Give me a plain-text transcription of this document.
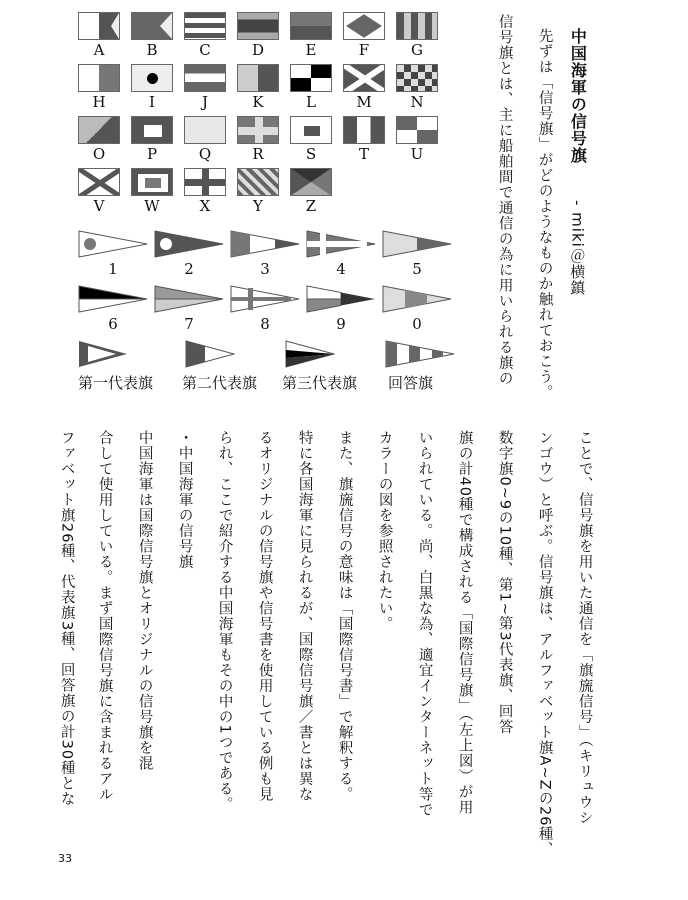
A	B	C	D	E	F	G
H	I	J	K	L	M	N
O	P	Q	R	S	T	U
V	W	X	Y	Z
1	2	3	4	5
6	7	8	9	0
第一代表旗 第二代表旗 第三代表旗 回答旗
中国海軍の信号旗
- miki＠横鎮
先ずは「信号旗」がどのようなものか触れておこう。
信号旗とは、主に船舶間で通信の為に用いられる旗の
ことで、信号旗を用いた通信を「旗旒信号」（キリュウシ
ンゴウ）と呼ぶ。信号旗は、アルファベット旗A~Zの26種、
数字旗0~9の10種、第1~第3代表旗、回答
旗の計40種で構成される「国際信号旗」（左上図）が用
いられている。尚、白黒な為、適宜インターネット等で
カラーの図を参照されたい。
また、旗旒信号の意味は「国際信号書」で解釈する。
特に各国海軍に見られるが、国際信号旗／書とは異な
るオリジナルの信号旗や信号書を使用している例も見
られ、ここで紹介する中国海軍もその中の1つである。
・中国海軍の信号旗
中国海軍は国際信号旗とオリジナルの信号旗を混
合して使用している。まず国際信号旗に含まれるアル
ファベット旗26種、代表旗3種、回答旗の計30種とな
33
